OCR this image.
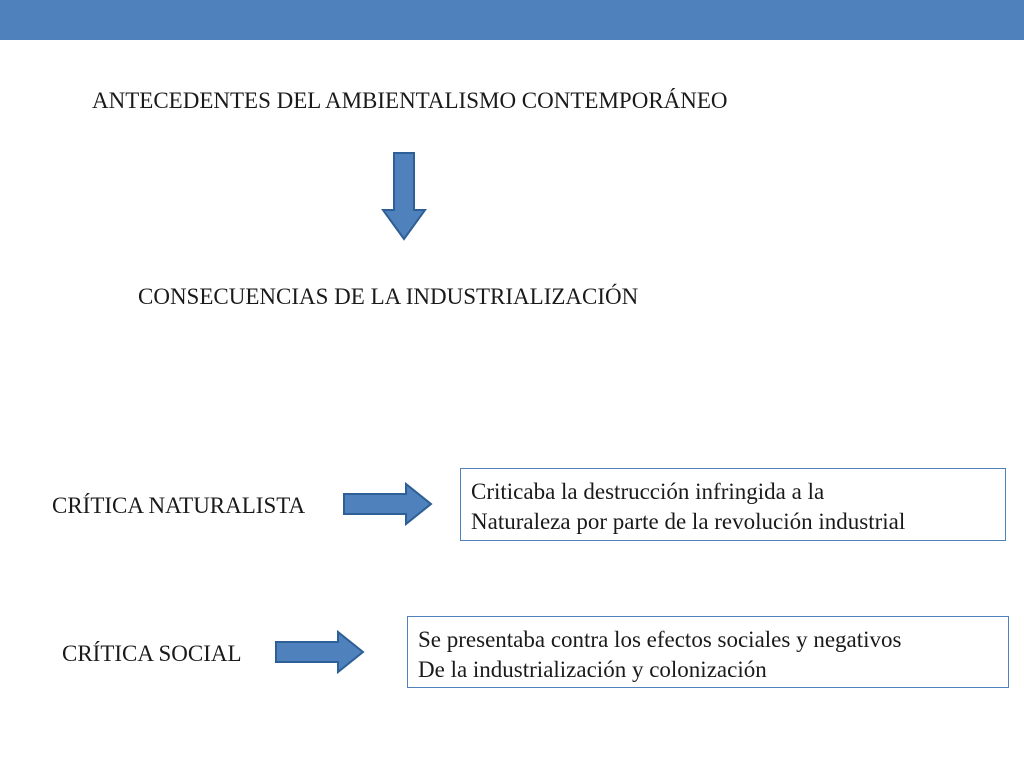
ANTECEDENTES DEL AMBIENTALISMO CONTEMPORÁNEO
CONSECUENCIAS DE LA INDUSTRIALIZACIÓN
CRÍTICA NATURALISTA
Criticaba la destrucción infringida a la
Naturaleza por parte de la revolución industrial
CRÍTICA SOCIAL
Se presentaba contra los efectos sociales y negativos
De la industrialización y colonización
